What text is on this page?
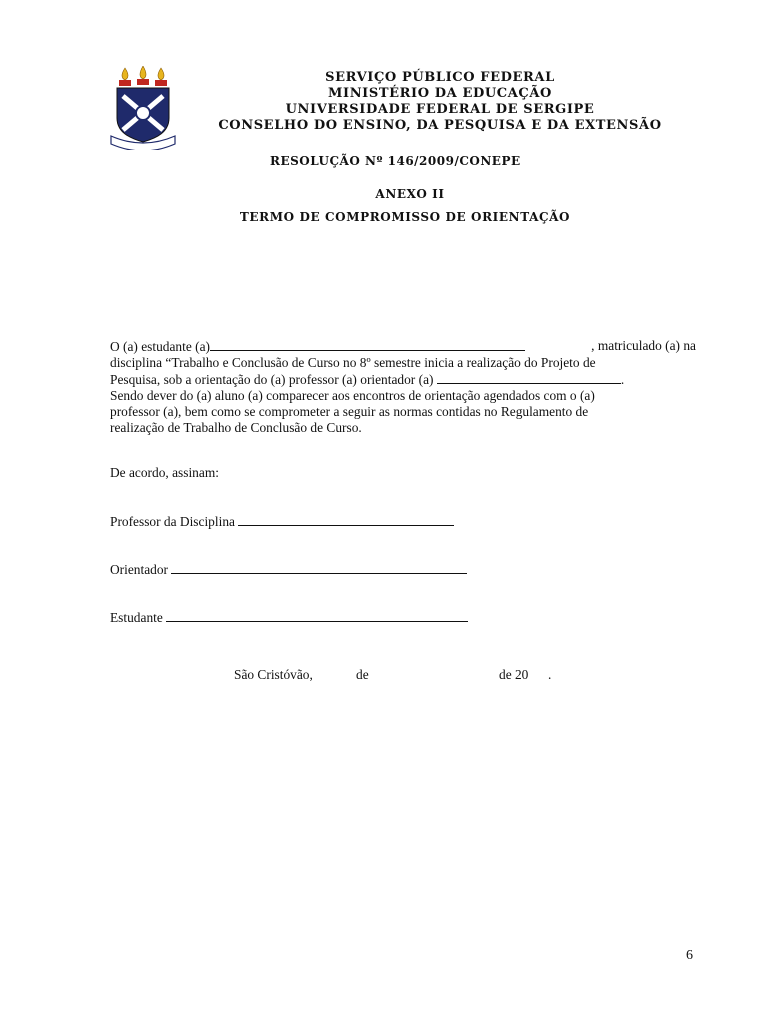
SERVIÇO PÚBLICO FEDERAL
MINISTÉRIO DA EDUCAÇÃO
UNIVERSIDADE FEDERAL DE SERGIPE
CONSELHO DO ENSINO, DA PESQUISA E DA EXTENSÃO
RESOLUÇÃO Nº 146/2009/CONEPE
ANEXO II
TERMO DE COMPROMISSO DE ORIENTAÇÃO
O (a) estudante (a)	, matriculado (a) na
disciplina “Trabalho e Conclusão de Curso no 8º semestre inicia a realização do Projeto de
Pesquisa, sob a orientação do (a) professor (a) orientador (a)	.
Sendo dever do (a) aluno (a) comparecer aos encontros de orientação agendados com o (a)
professor (a), bem como se comprometer a seguir as normas contidas no Regulamento de
realização de Trabalho de Conclusão de Curso.
De acordo, assinam:
Professor da Disciplina
Orientador
Estudante
São Cristóvão,	de	de 20 .
6
